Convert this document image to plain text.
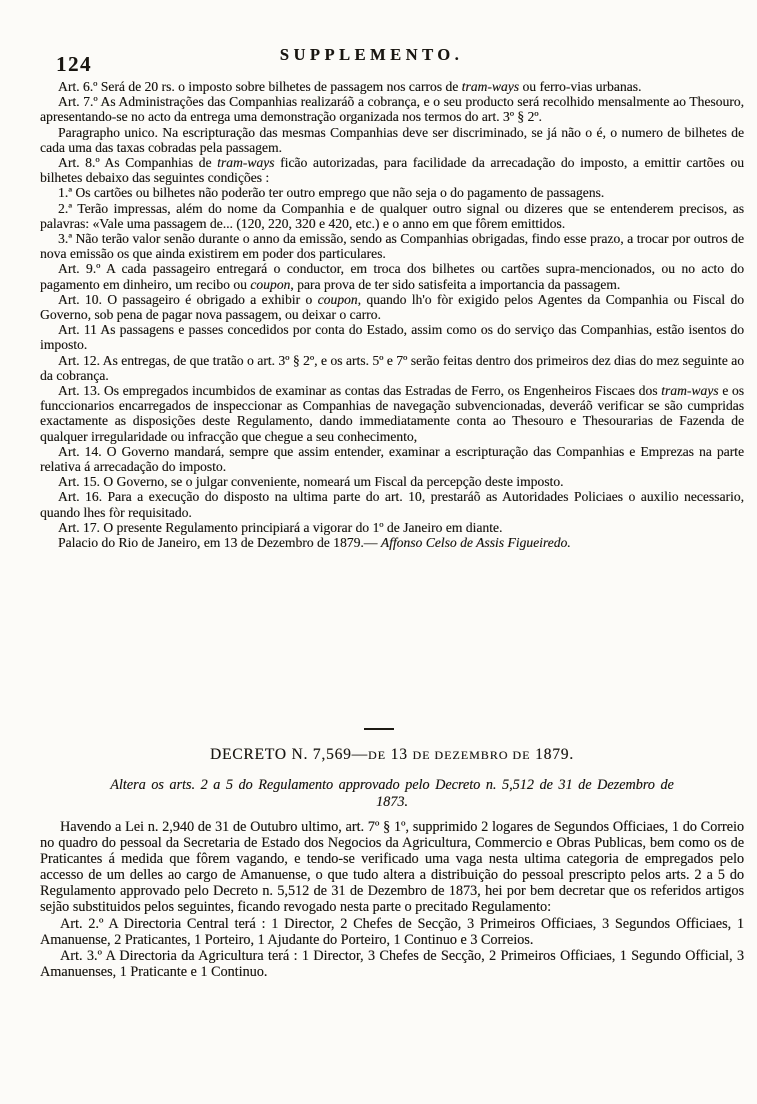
124	SUPPLEMENTO.

Art. 6.º Será de 20 rs. o imposto sobre bilhetes de passagem nos carros de tram-ways ou ferro-vias urbanas.

Art. 7.º As Administrações das Companhias realizaráõ a cobrança, e o seu producto será recolhido mensalmente ao Thesouro, apresentando-se no acto da entrega uma demonstração organizada nos termos do art. 3º § 2º.

Paragrapho unico. Na escripturação das mesmas Companhias deve ser discriminado, se já não o é, o numero de bilhetes de cada uma das taxas cobradas pela passagem.

Art. 8.º As Companhias de tram-ways ficão autorizadas, para facilidade da arrecadação do imposto, a emittir cartões ou bilhetes debaixo das seguintes condições :

1.ª Os cartões ou bilhetes não poderão ter outro emprego que não seja o do pagamento de passagens.

2.ª Terão impressas, além do nome da Companhia e de qualquer outro signal ou dizeres que se entenderem precisos, as palavras: «Vale uma passagem de... (120, 220, 320 e 420, etc.) e o anno em que fôrem emittidos.

3.ª Não terão valor senão durante o anno da emissão, sendo as Companhias obrigadas, findo esse prazo, a trocar por outros de nova emissão os que ainda existirem em poder dos particulares.

Art. 9.º A cada passageiro entregará o conductor, em troca dos bilhetes ou cartões supra-mencionados, ou no acto do pagamento em dinheiro, um recibo ou coupon, para prova de ter sido satisfeita a importancia da passagem.

Art. 10. O passageiro é obrigado a exhibir o coupon, quando lh'o fòr exigido pelos Agentes da Companhia ou Fiscal do Governo, sob pena de pagar nova passagem, ou deixar o carro.

Art. 11 As passagens e passes concedidos por conta do Estado, assim como os do serviço das Companhias, estão isentos do imposto.

Art. 12. As entregas, de que tratão o art. 3º § 2º, e os arts. 5º e 7º serão feitas dentro dos primeiros dez dias do mez seguinte ao da cobrança.

Art. 13. Os empregados incumbidos de examinar as contas das Estradas de Ferro, os Engenheiros Fiscaes dos tram-ways e os funccionarios encarregados de inspeccionar as Companhias de navegação subvencionadas, deveráõ verificar se são cumpridas exactamente as disposições deste Regulamento, dando immediatamente conta ao Thesouro e Thesourarias de Fazenda de qualquer irregularidade ou infracção que chegue a seu conhecimento,

Art. 14. O Governo mandará, sempre que assim entender, examinar a escripturação das Companhias e Emprezas na parte relativa á arrecadação do imposto.

Art. 15. O Governo, se o julgar conveniente, nomeará um Fiscal da percepção deste imposto.

Art. 16. Para a execução do disposto na ultima parte do art. 10, prestaráõ as Autoridades Policiaes o auxilio necessario, quando lhes fòr requisitado.

Art. 17. O presente Regulamento principiará a vigorar do 1º de Janeiro em diante.

Palacio do Rio de Janeiro, em 13 de Dezembro de 1879.— Affonso Celso de Assis Figueiredo.

DECRETO N. 7,569—DE 13 DE DEZEMBRO DE 1879.
Altera os arts. 2 a 5 do Regulamento approvado pelo Decreto n. 5,512 de 31 de Dezembro de 1873.

Havendo a Lei n. 2,940 de 31 de Outubro ultimo, art. 7º § 1º, supprimido 2 logares de Segundos Officiaes, 1 do Correio no quadro do pessoal da Secretaria de Estado dos Negocios da Agricultura, Commercio e Obras Publicas, bem como os de Praticantes á medida que fôrem vagando, e tendo-se verificado uma vaga nesta ultima categoria de empregados pelo accesso de um delles ao cargo de Amanuense, o que tudo altera a distribuição do pessoal prescripto pelos arts. 2 a 5 do Regulamento approvado pelo Decreto n. 5,512 de 31 de Dezembro de 1873, hei por bem decretar que os referidos artigos sejão substituidos pelos seguintes, ficando revogado nesta parte o precitado Regulamento:

Art. 2.º A Directoria Central terá : 1 Director, 2 Chefes de Secção, 3 Primeiros Officiaes, 3 Segundos Officiaes, 1 Amanuense, 2 Praticantes, 1 Porteiro, 1 Ajudante do Porteiro, 1 Continuo e 3 Correios.

Art. 3.º A Directoria da Agricultura terá : 1 Director, 3 Chefes de Secção, 2 Primeiros Officiaes, 1 Segundo Official, 3 Amanuenses, 1 Praticante e 1 Continuo.
